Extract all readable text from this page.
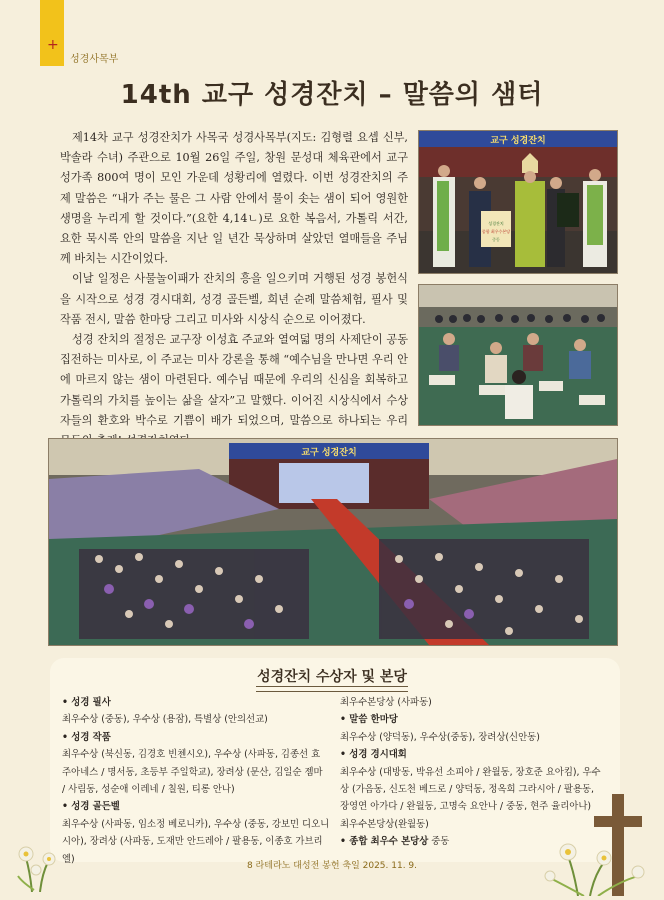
+
성경사목부
14th 교구 성경잔치 – 말씀의 샘터

제14차 교구 성경잔치가 사목국 성경사목부(지도: 김형렬 요셉 신부, 박솔라 수녀) 주관으로 10월 26일 주일, 창원 문성대 체육관에서 교구 성가족 800여 명이 모인 가운데 성황리에 열렸다. 이번 성경잔치의 주제 말씀은 “내가 주는 물은 그 사람 안에서 물이 솟는 샘이 되어 영원한 생명을 누리게 할 것이다.”(요한 4,14ㄴ)로 요한 복음서, 가톨릭 서간, 요한 묵시록 안의 말씀을 지난 일 년간 묵상하며 살았던 열매들을 주님께 바치는 시간이었다.

이날 일정은 사물놀이패가 잔치의 흥을 일으키며 거행된 성경 봉헌식을 시작으로 성경 경시대회, 성경 골든벨, 희년 순례 말씀체험, 필사 및 작품 전시, 말씀 한마당 그리고 미사와 시상식 순으로 이어졌다.

성경 잔치의 절정은 교구장 이성효 주교와 열여덟 명의 사제단이 공동 집전하는 미사로, 이 주교는 미사 강론을 통해 “예수님을 만나면 우리 안에 마르지 않는 샘이 마련된다. 예수님 때문에 우리의 신심을 회복하고 가톨릭의 가치를 높이는 삶을 살자”고 말했다. 이어진 시상식에서 수상자들의 환호와 박수로 기쁨이 배가 되었으며, 말씀으로 하나되는 우리

교구 성경잔치
성경잔치
종합 최우수본당
중동
교구 성경잔치
성경잔치 수상자 및 본당
• 성경 필사
최우수상 (중동), 우수상 (용잠), 특별상 (안의선교)
• 성경 작품
최우수상 (북신동, 김경호 빈첸시오), 우수상 (사파동, 김종선 효
주아네스 / 명서동, 초등부 주일학교), 장려상 (문산, 김일순 젬마
/ 사림동, 성순애 이레네 / 칠원, 티롱 안나)
• 성경 골든벨
최우수상 (사파동, 임소정 베로니카), 우수상 (중동, 강보민 디오니
시아), 장려상 (사파동, 도재만 안드레아 / 팔용동, 이종호 가브리엘)
최우수본당상 (사파동)
• 말씀 한마당
최우수상 (양덕동), 우수상(중동), 장려상(신안동)
• 성경 경시대회
최우수상 (대방동, 박유선 소피아 / 완월동, 장호준 요아킴), 우수
상 (가음동, 신도천 베드로 / 양덕동, 정옥희 그라시아 / 팔용동,
장영연 아가다 / 완월동, 고명숙 요안나 / 중동, 현주 율리아나)
최우수본당상(완월동)
• 종합 최우수 본당상 중동
8 라테라노 대성전 봉헌 축일 2025. 11. 9.
